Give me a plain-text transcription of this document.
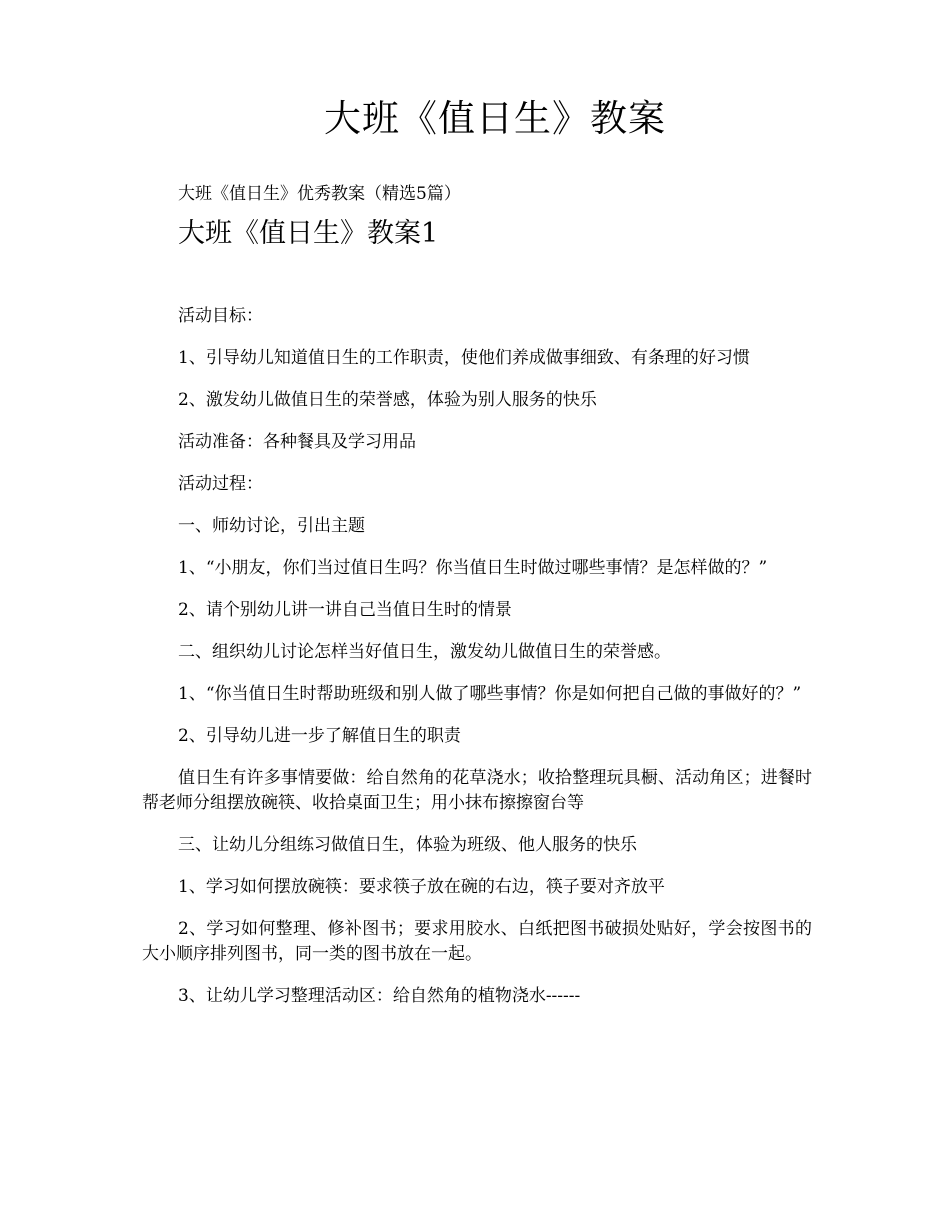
大班《值日生》教案
大班《值日生》优秀教案（精选5篇）
大班《值日生》教案1

活动目标：

1、引导幼儿知道值日生的工作职责，使他们养成做事细致、有条理的好习惯

2、激发幼儿做值日生的荣誉感，体验为别人服务的快乐

活动准备：各种餐具及学习用品

活动过程：

一、师幼讨论，引出主题

1、“小朋友，你们当过值日生吗？你当值日生时做过哪些事情？是怎样做的？”

2、请个别幼儿讲一讲自己当值日生时的情景

二、组织幼儿讨论怎样当好值日生，激发幼儿做值日生的荣誉感。

1、“你当值日生时帮助班级和别人做了哪些事情？你是如何把自己做的事做好的？”

2、引导幼儿进一步了解值日生的职责

值日生有许多事情要做：给自然角的花草浇水；收拾整理玩具橱、活动角区；进餐时帮老师分组摆放碗筷、收拾桌面卫生；用小抹布擦擦窗台等

三、让幼儿分组练习做值日生，体验为班级、他人服务的快乐

1、学习如何摆放碗筷：要求筷子放在碗的右边，筷子要对齐放平

2、学习如何整理、修补图书；要求用胶水、白纸把图书破损处贴好，学会按图书的大小顺序排列图书，同一类的图书放在一起。

3、让幼儿学习整理活动区：给自然角的植物浇水------
